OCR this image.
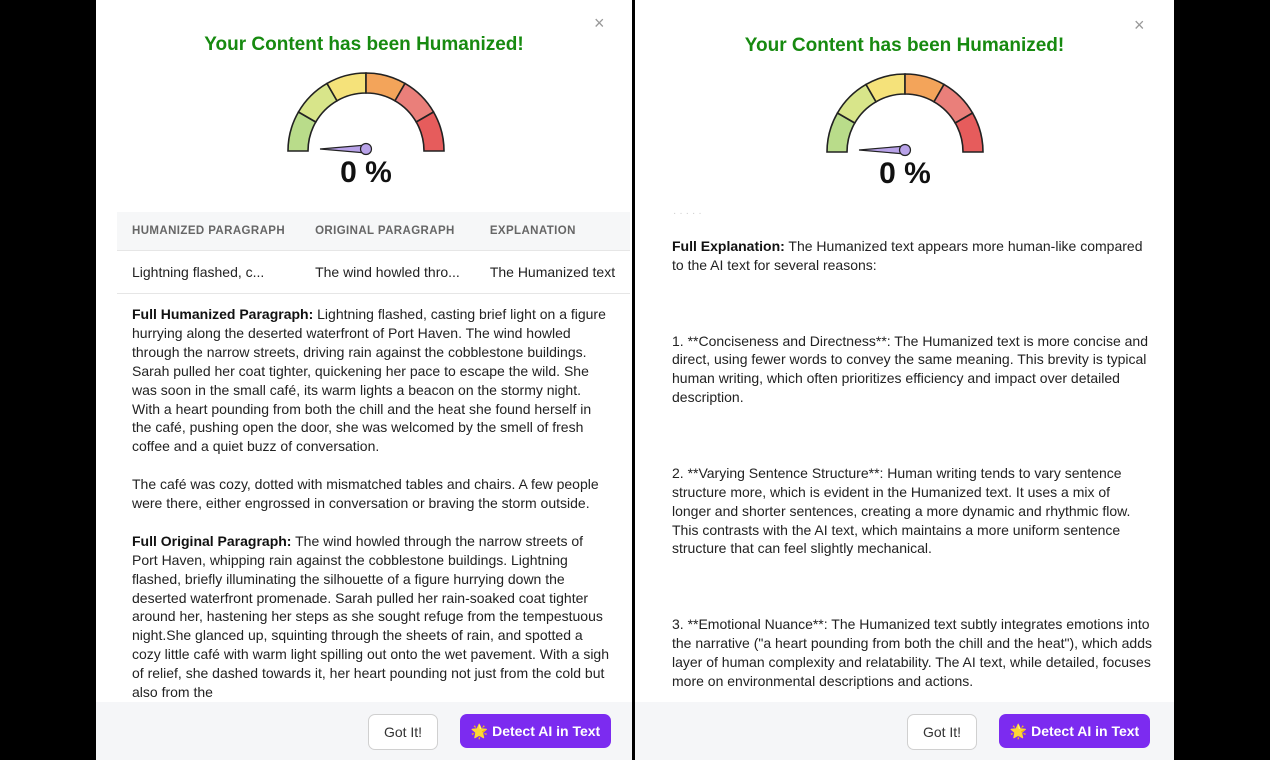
×
Your Content has been Humanized!
0 %
HUMANIZED PARAGRAPH	ORIGINAL PARAGRAPH	EXPLANATION
Lightning flashed, c...	The wind howled thro...	The Humanized text

Full Humanized Paragraph: Lightning flashed, casting brief light on a figure hurrying along the deserted waterfront of Port Haven. The wind howled through the narrow streets, driving rain against the cobblestone buildings. Sarah pulled her coat tighter, quickening her pace to escape the wild. She was soon in the small café, its warm lights a beacon on the stormy night. With a heart pounding from both the chill and the heat she found herself in the café, pushing open the door, she was welcomed by the smell of fresh coffee and a quiet buzz of conversation.

The café was cozy, dotted with mismatched tables and chairs. A few people were there, either engrossed in conversation or braving the storm outside.

Full Original Paragraph: The wind howled through the narrow streets of Port Haven, whipping rain against the cobblestone buildings. Lightning flashed, briefly illuminating the silhouette of a figure hurrying down the deserted waterfront promenade. Sarah pulled her rain-soaked coat tighter around her, hastening her steps as she sought refuge from the tempestuous night.She glanced up, squinting through the sheets of rain, and spotted a cozy little café with warm light spilling out onto the wet pavement. With a sigh of relief, she dashed towards it, her heart pounding not just from the cold but also from the

Got It!	🌟 Detect AI in Text
×
Your Content has been Humanized!
0 %
·····

Full Explanation: The Humanized text appears more human-like compared to the AI text for several reasons:

1. **Conciseness and Directness**: The Humanized text is more concise and direct, using fewer words to convey the same meaning. This brevity is typical human writing, which often prioritizes efficiency and impact over detailed description.

2. **Varying Sentence Structure**: Human writing tends to vary sentence structure more, which is evident in the Humanized text. It uses a mix of longer and shorter sentences, creating a more dynamic and rhythmic flow. This contrasts with the AI text, which maintains a more uniform sentence structure that can feel slightly mechanical.

3. **Emotional Nuance**: The Humanized text subtly integrates emotions into the narrative ("a heart pounding from both the chill and the heat"), which adds layer of human complexity and relatability. The AI text, while detailed, focuses more on environmental descriptions and actions.

Got It!	🌟 Detect AI in Text
